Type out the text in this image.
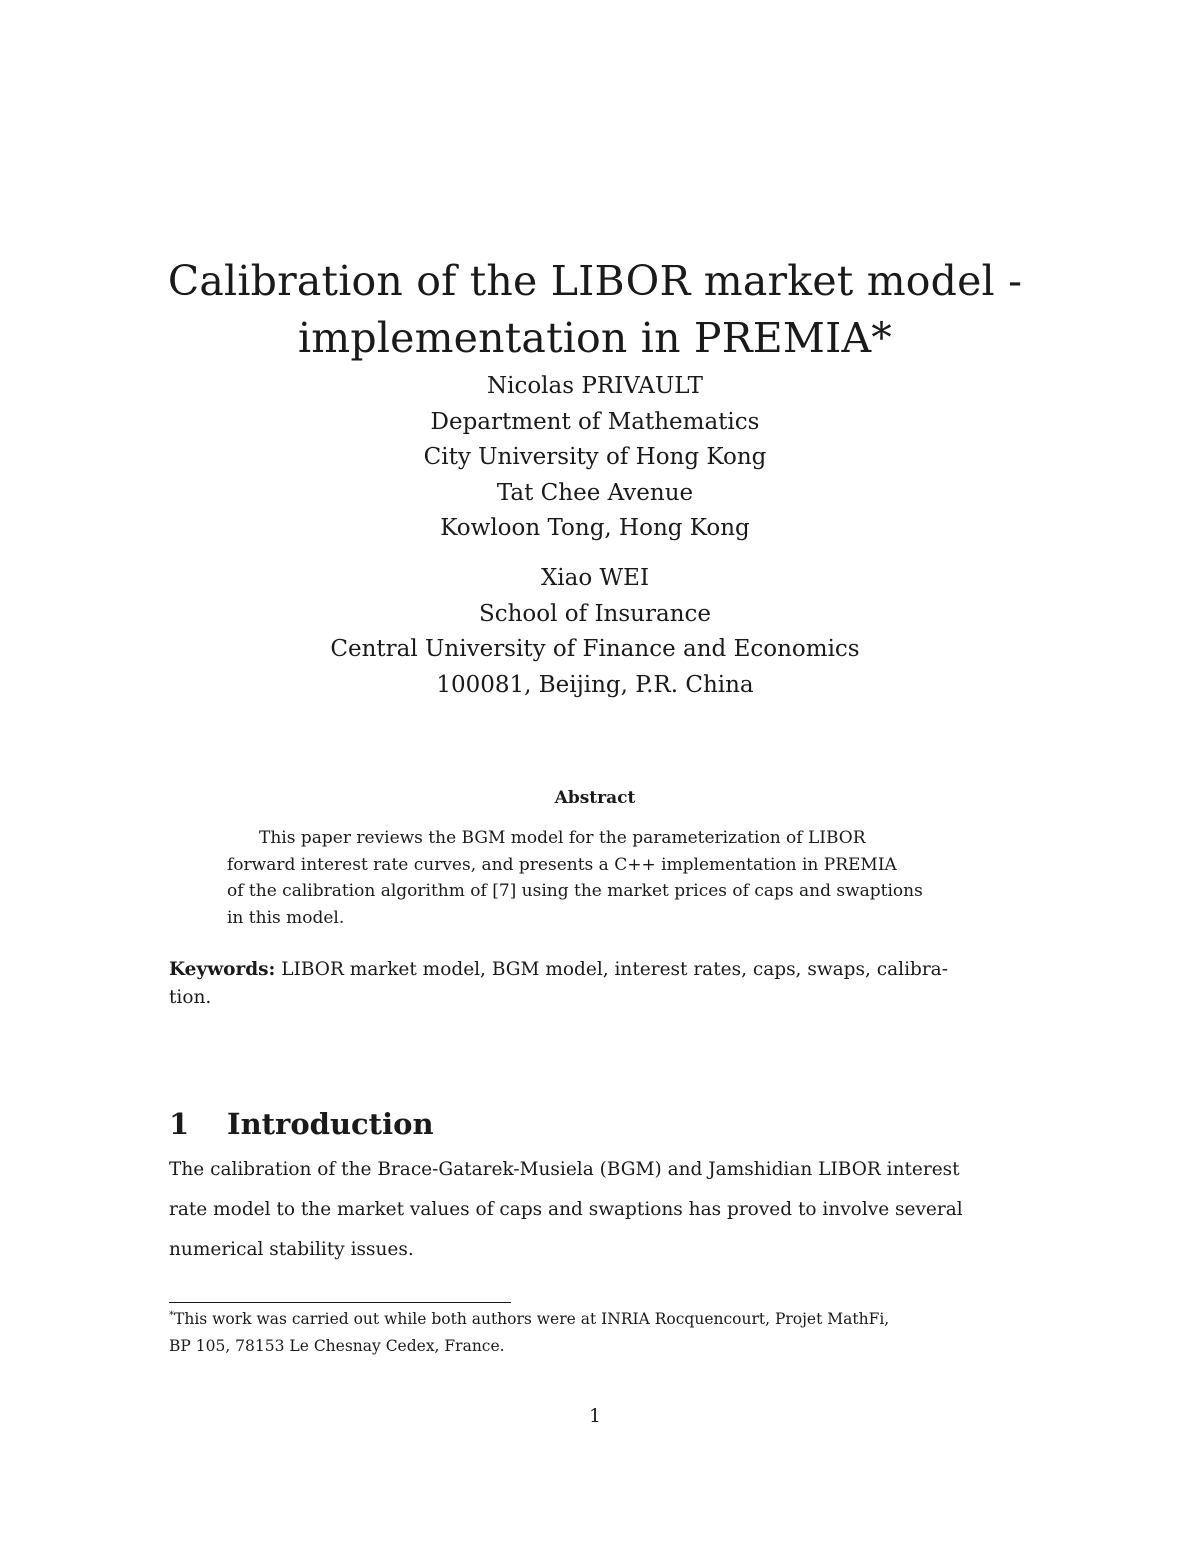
Calibration of the LIBOR market model -
implementation in PREMIA*
Nicolas PRIVAULT
Department of Mathematics
City University of Hong Kong
Tat Chee Avenue
Kowloon Tong, Hong Kong
Xiao WEI
School of Insurance
Central University of Finance and Economics
100081, Beijing, P.R. China
Abstract
This paper reviews the BGM model for the parameterization of LIBOR
forward interest rate curves, and presents a C++ implementation in PREMIA
of the calibration algorithm of [7] using the market prices of caps and swaptions
in this model.
Keywords: LIBOR market model, BGM model, interest rates, caps, swaps, calibra-
tion.
1 Introduction
The calibration of the Brace-Gatarek-Musiela (BGM) and Jamshidian LIBOR interest
rate model to the market values of caps and swaptions has proved to involve several
numerical stability issues.
*This work was carried out while both authors were at INRIA Rocquencourt, Projet MathFi,
BP 105, 78153 Le Chesnay Cedex, France.
1
